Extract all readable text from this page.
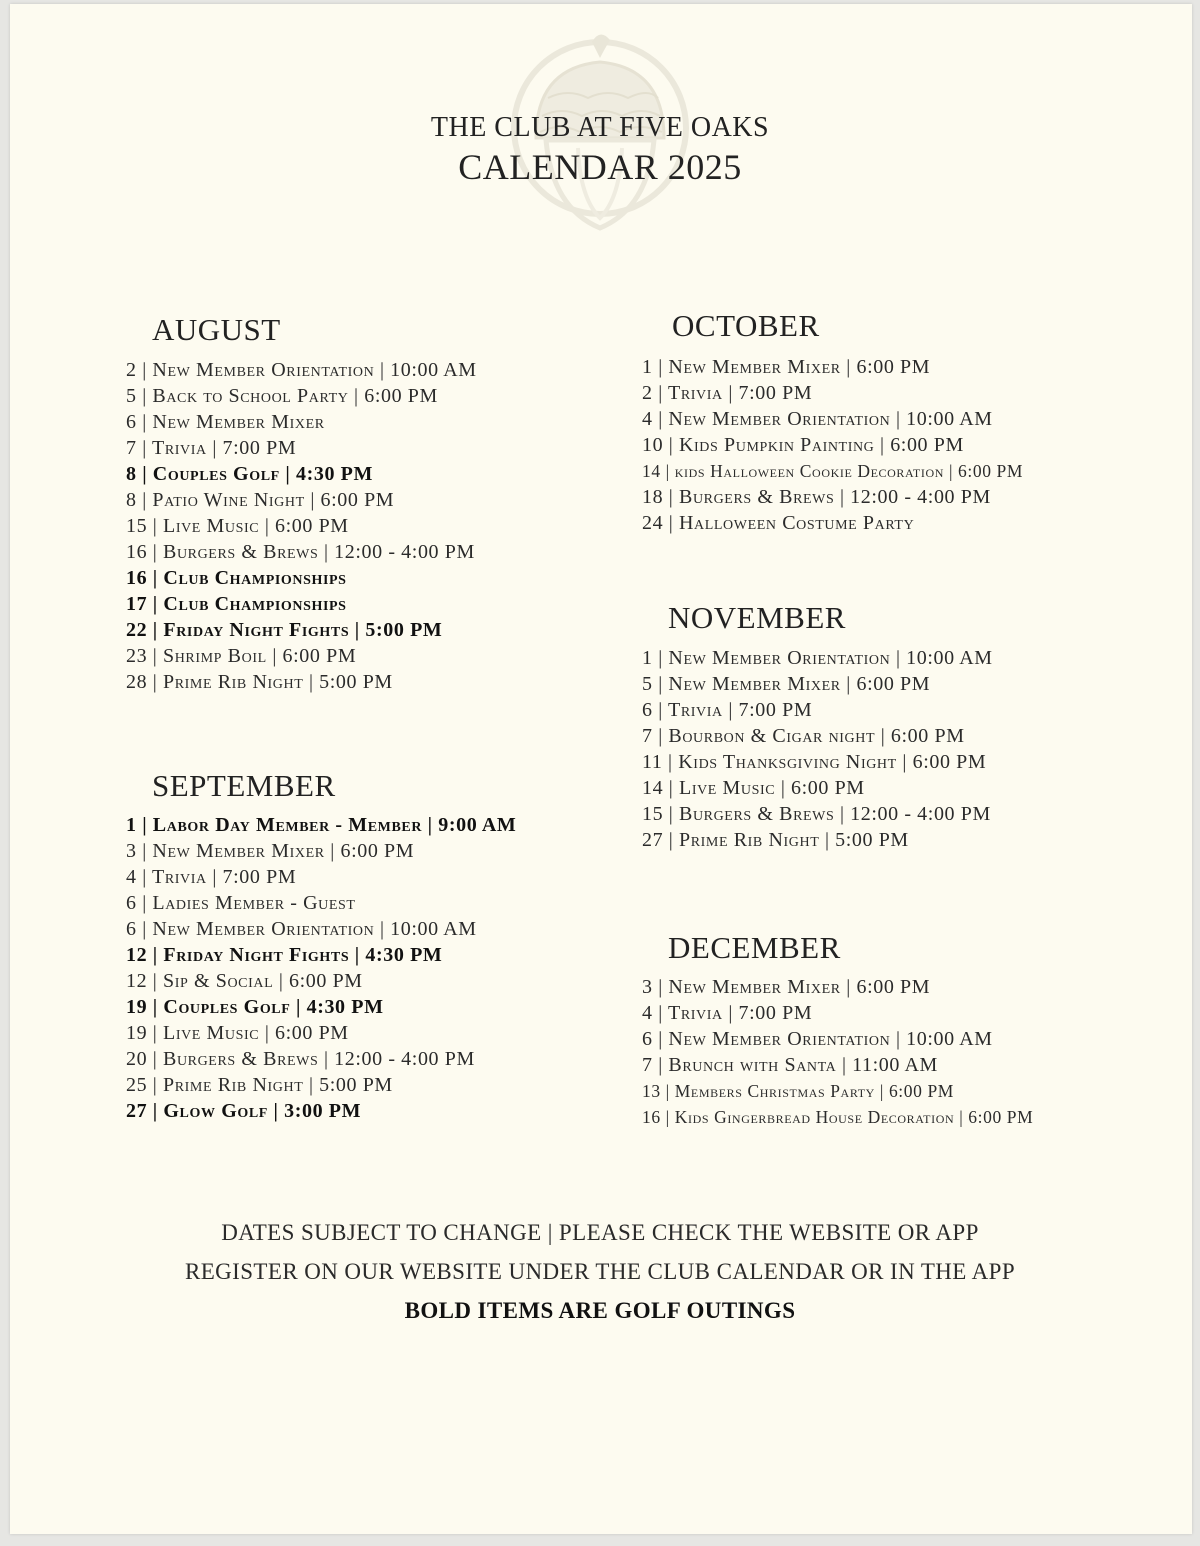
THE CLUB AT FIVE OAKS
CALENDAR 2025
AUGUST
2 | New Member Orientation | 10:00 AM
5 | Back to School Party | 6:00 PM
6 | New Member Mixer
7 | Trivia | 7:00 PM
8 | Couples Golf | 4:30 PM
8 | Patio Wine Night | 6:00 PM
15 | Live Music | 6:00 PM
16 | Burgers & Brews | 12:00 - 4:00 PM
16 | Club Championships
17 | Club Championships
22 | Friday Night Fights | 5:00 PM
23 | Shrimp Boil | 6:00 PM
28 | Prime Rib Night | 5:00 PM
SEPTEMBER
1 | Labor Day Member - Member | 9:00 AM
3 | New Member Mixer | 6:00 PM
4 | Trivia | 7:00 PM
6 | Ladies Member - Guest
6 | New Member Orientation | 10:00 AM
12 | Friday Night Fights | 4:30 PM
12 | Sip & Social | 6:00 PM
19 | Couples Golf | 4:30 PM
19 | Live Music | 6:00 PM
20 | Burgers & Brews | 12:00 - 4:00 PM
25 | Prime Rib Night | 5:00 PM
27 | Glow Golf | 3:00 PM
OCTOBER
1 | New Member Mixer | 6:00 PM
2 | Trivia | 7:00 PM
4 | New Member Orientation | 10:00 AM
10 | Kids Pumpkin Painting | 6:00 PM
14 | kids Halloween Cookie Decoration | 6:00 PM
18 | Burgers & Brews | 12:00 - 4:00 PM
24 | Halloween Costume Party
NOVEMBER
1 | New Member Orientation | 10:00 AM
5 | New Member Mixer | 6:00 PM
6 | Trivia | 7:00 PM
7 | Bourbon & Cigar night | 6:00 PM
11 | Kids Thanksgiving Night | 6:00 PM
14 | Live Music | 6:00 PM
15 | Burgers & Brews | 12:00 - 4:00 PM
27 | Prime Rib Night | 5:00 PM
DECEMBER
3 | New Member Mixer | 6:00 PM
4 | Trivia | 7:00 PM
6 | New Member Orientation | 10:00 AM
7 | Brunch with Santa | 11:00 AM
13 | Members Christmas Party | 6:00 PM
16 | Kids Gingerbread House Decoration | 6:00 PM
DATES SUBJECT TO CHANGE | PLEASE CHECK THE WEBSITE OR APP
REGISTER ON OUR WEBSITE UNDER THE CLUB CALENDAR OR IN THE APP
BOLD ITEMS ARE GOLF OUTINGS
